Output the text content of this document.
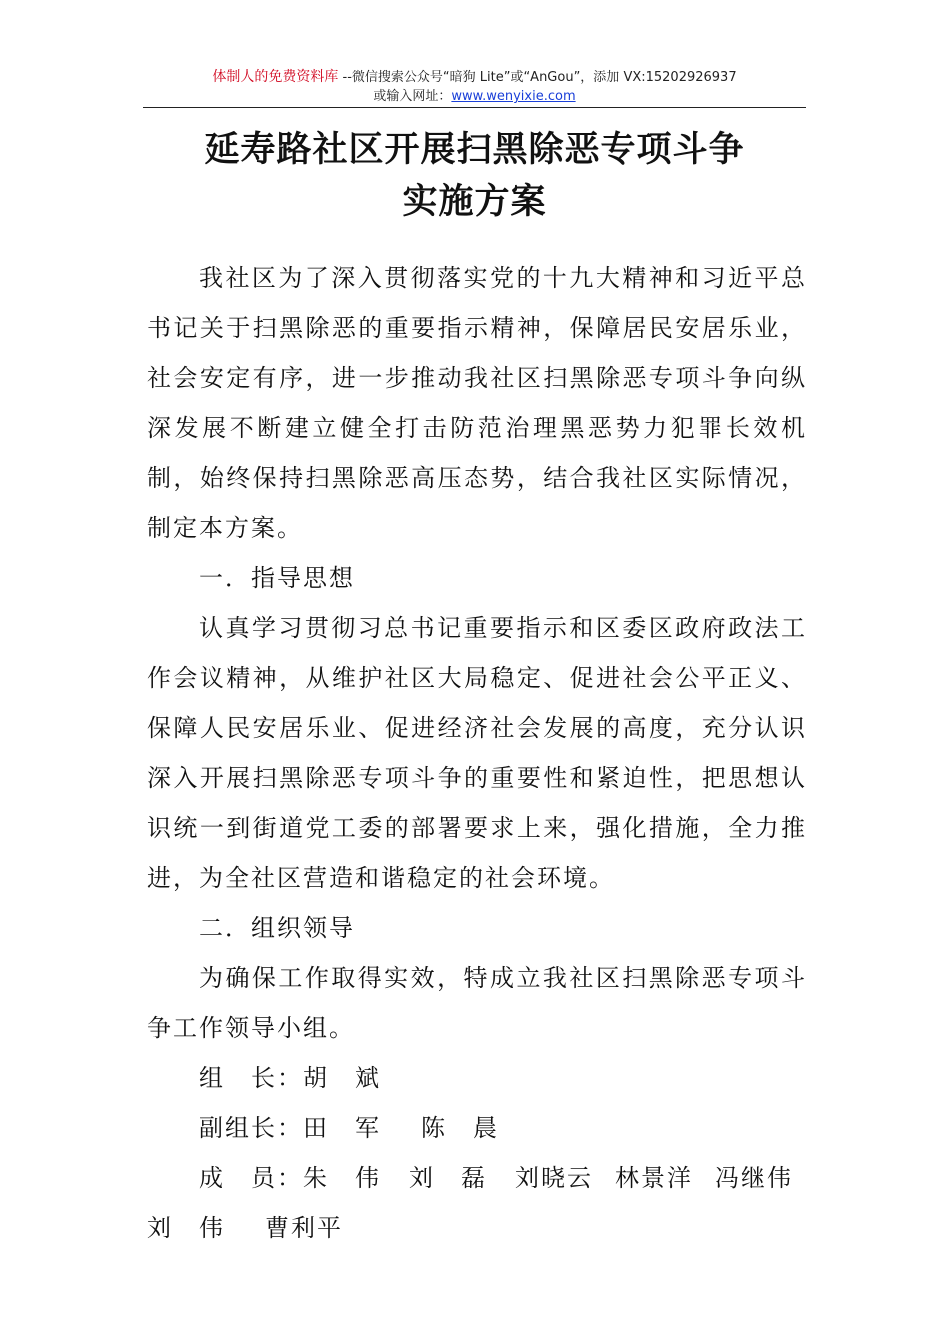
体制人的免费资料库 --微信搜索公众号“暗狗 Lite”或“AnGou”，添加 VX:15202926937
或输入网址：www.wenyixie.com
延寿路社区开展扫黑除恶专项斗争
实施方案

我社区为了深入贯彻落实党的十九大精神和习近平总书记关于扫黑除恶的重要指示精神，保障居民安居乐业，社会安定有序，进一步推动我社区扫黑除恶专项斗争向纵深发展不断建立健全打击防范治理黑恶势力犯罪长效机制，始终保持扫黑除恶高压态势，结合我社区实际情况，制定本方案。

一．指导思想

认真学习贯彻习总书记重要指示和区委区政府政法工作会议精神，从维护社区大局稳定、促进社会公平正义、保障人民安居乐业、促进经济社会发展的高度，充分认识深入开展扫黑除恶专项斗争的重要性和紧迫性，把思想认识统一到街道党工委的部署要求上来，强化措施，全力推进，为全社区营造和谐稳定的社会环境。

二．组织领导

为确保工作取得实效，特成立我社区扫黑除恶专项斗争工作领导小组。

组　长：胡　斌
副组长：田　军 陈　晨
成　员：朱　伟 刘　磊 刘晓云 林景洋 冯继伟
刘　伟 曹利平
